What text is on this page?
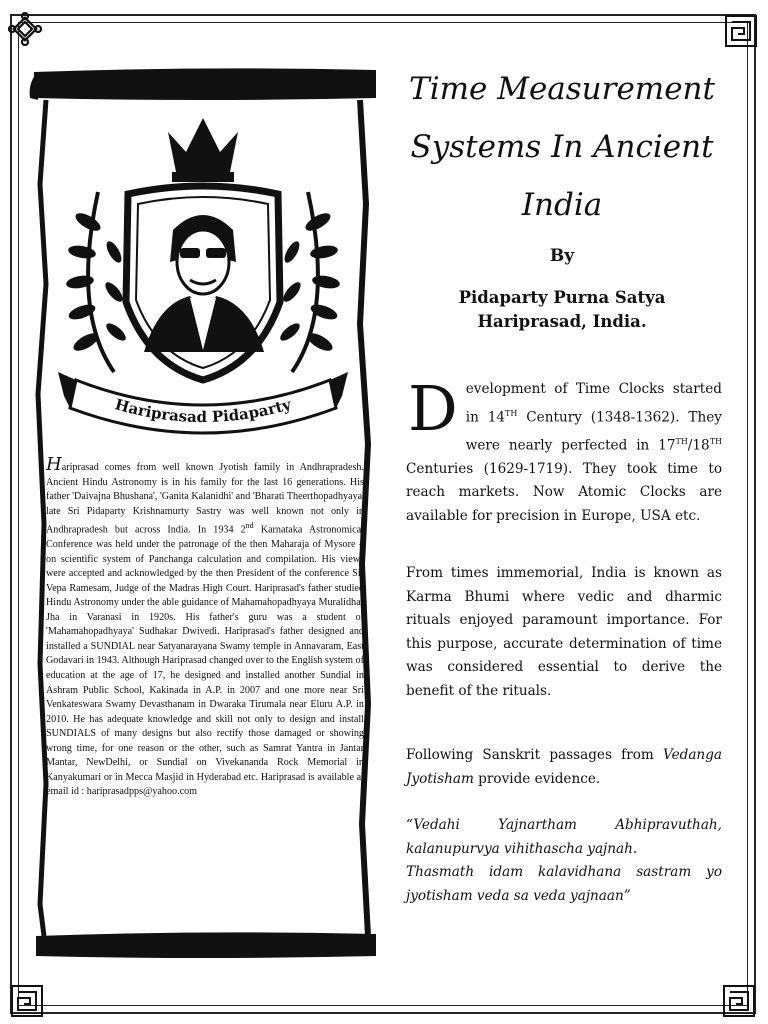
Hariprasad Pidaparty
Hariprasad comes from well known Jyotish family in Andhrapradesh. Ancient Hindu Astronomy is in his family for the last 16 generations. His father 'Daivajna Bhushana', 'Ganita Kalanidhi' and 'Bharati Theerthopadhyaya' late Sri Pidaparty Krishnamurty Sastry was well known not only in Andhrapradesh but across India. In 1934 2nd Karnataka Astronomical Conference was held under the patronage of the then Maharaja of Mysore – on scientific system of Panchanga calculation and compilation. His views were accepted and acknowledged by the then President of the conference Sir Vepa Ramesam, Judge of the Madras High Court. Hariprasad's father studied Hindu Astronomy under the able guidance of Mahamahopadhyaya Muralidhar Jha in Varanasi in 1920s. His father's guru was a student of 'Mahamahopadhyaya' Sudhakar Dwivedi. Hariprasad's father designed and installed a SUNDIAL near Satyanarayana Swamy temple in Annavaram, East Godavari in 1943. Although Hariprasad changed over to the English system of education at the age of 17, he designed and installed another Sundial in Ashram Public School, Kakinada in A.P. in 2007 and one more near Sri Venkateswara Swamy Devasthanam in Dwaraka Tirumala near Eluru A.P. in 2010. He has adequate knowledge and skill not only to design and install SUNDIALS of many designs but also rectify those damaged or showing wrong time, for one reason or the other, such as Samrat Yantra in Jantar Mantar, NewDelhi, or Sundial on Vivekananda Rock Memorial in Kanyakumari or in Mecca Masjid in Hyderabad etc. Hariprasad is available at email id : hariprasadpps@yahoo.com
Time Measurement
Systems In Ancient
India
By
Pidaparty Purna Satya
Hariprasad, India.
Development of Time Clocks started in 14TH Century (1348-1362). They were nearly perfected in 17TH/18TH Centuries (1629-1719). They took time to reach markets. Now Atomic Clocks are available for precision in Europe, USA etc.
From times immemorial, India is known as Karma Bhumi where vedic and dharmic rituals enjoyed paramount importance. For this purpose, accurate determination of time was considered essential to derive the benefit of the rituals.
Following Sanskrit passages from Vedanga Jyotisham provide evidence.
“Vedahi Yajnartham Abhipravuthah, kalanupurvya vihithascha yajnah.
Thasmath idam kalavidhana sastram yo jyotisham veda sa veda yajnaan”
